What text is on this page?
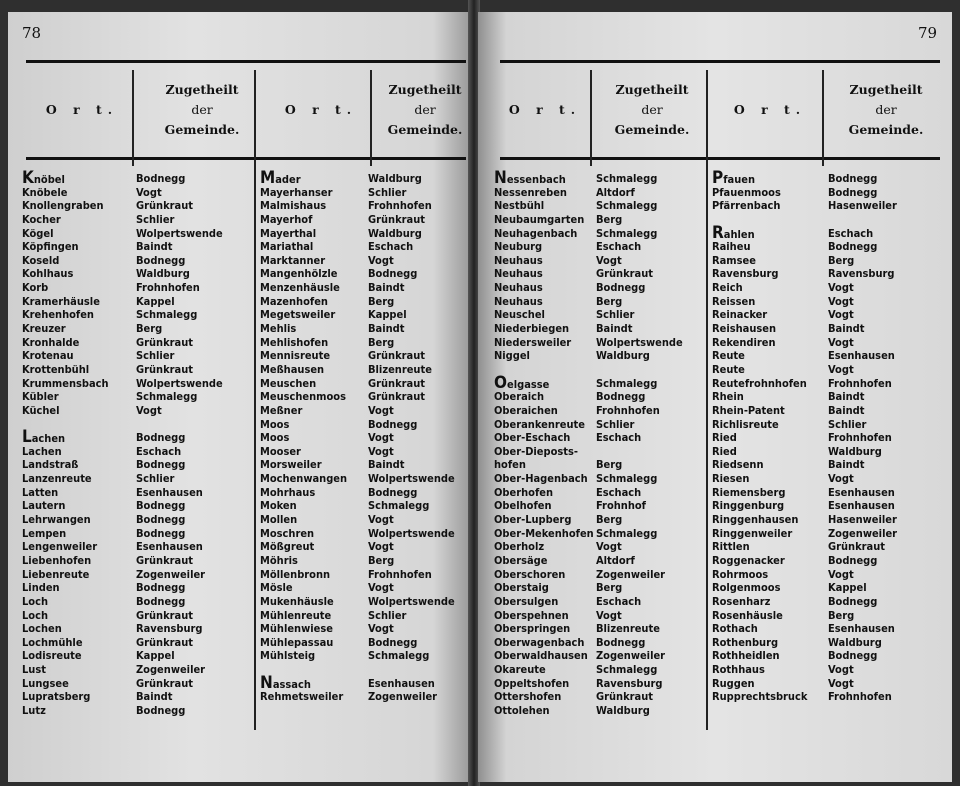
78
O r t.
Zugetheilt
der
Gemeinde.
O r t.
Zugetheilt
der
Gemeinde.
Knöbel
Knöbele
Knollengraben
Kocher
Kögel
Köpfingen
Koseld
Kohlhaus
Korb
Kramerhäusle
Krehenhofen
Kreuzer
Kronhalde
Krotenau
Krottenbühl
Krummensbach
Kübler
Küchel
Lachen
Lachen
Landstraß
Lanzenreute
Latten
Lautern
Lehrwangen
Lempen
Lengenweiler
Liebenhofen
Liebenreute
Linden
Loch
Loch
Lochen
Lochmühle
Lodisreute
Lust
Lungsee
Lupratsberg
Lutz
Bodnegg
Vogt
Grünkraut
Schlier
Wolpertswende
Baindt
Bodnegg
Waldburg
Frohnhofen
Kappel
Schmalegg
Berg
Grünkraut
Schlier
Grünkraut
Wolpertswende
Schmalegg
Vogt
Bodnegg
Eschach
Bodnegg
Schlier
Esenhausen
Bodnegg
Bodnegg
Bodnegg
Esenhausen
Grünkraut
Zogenweiler
Bodnegg
Bodnegg
Grünkraut
Ravensburg
Grünkraut
Kappel
Zogenweiler
Grünkraut
Baindt
Bodnegg
Mader
Mayerhanser
Malmishaus
Mayerhof
Mayerthal
Mariathal
Marktanner
Mangenhölzle
Menzenhäusle
Mazenhofen
Megetsweiler
Mehlis
Mehlishofen
Mennisreute
Meßhausen
Meuschen
Meuschenmoos
Meßner
Moos
Moos
Mooser
Morsweiler
Mochenwangen
Mohrhaus
Moken
Mollen
Moschren
Mößgreut
Möhris
Möllenbronn
Mösle
Mukenhäusle
Mühlenreute
Mühlenwiese
Mühlepassau
Mühlsteig
Nassach
Rehmetsweiler
Waldburg
Schlier
Frohnhofen
Grünkraut
Waldburg
Eschach
Vogt
Bodnegg
Baindt
Berg
Kappel
Baindt
Berg
Grünkraut
Blizenreute
Grünkraut
Grünkraut
Vogt
Bodnegg
Vogt
Vogt
Baindt
Wolpertswende
Bodnegg
Schmalegg
Vogt
Wolpertswende
Vogt
Berg
Frohnhofen
Vogt
Wolpertswende
Schlier
Vogt
Bodnegg
Schmalegg
Esenhausen
Zogenweiler
79
O r t.
Zugetheilt
der
Gemeinde.
O r t.
Zugetheilt
der
Gemeinde.
Nessenbach
Nessenreben
Nestbühl
Neubaumgarten
Neuhagenbach
Neuburg
Neuhaus
Neuhaus
Neuhaus
Neuhaus
Neuschel
Niederbiegen
Niedersweiler
Niggel
Oelgasse
Oberaich
Oberaichen
Oberankenreute
Ober-Eschach
Ober-Dieposts-
hofen
Ober-Hagenbach
Oberhofen
Obelhofen
Ober-Lupberg
Ober-Mekenhofen
Oberholz
Obersäge
Oberschoren
Oberstaig
Obersulgen
Oberspehnen
Oberspringen
Oberwagenbach
Oberwaldhausen
Okareute
Oppeltshofen
Ottershofen
Ottolehen
Schmalegg
Altdorf
Schmalegg
Berg
Schmalegg
Eschach
Vogt
Grünkraut
Bodnegg
Berg
Schlier
Baindt
Wolpertswende
Waldburg
Schmalegg
Bodnegg
Frohnhofen
Schlier
Eschach
Berg
Schmalegg
Eschach
Frohnhof
Berg
Schmalegg
Vogt
Altdorf
Zogenweiler
Berg
Eschach
Vogt
Blizenreute
Bodnegg
Zogenweiler
Schmalegg
Ravensburg
Grünkraut
Waldburg
Pfauen
Pfauenmoos
Pfärrenbach
Rahlen
Raiheu
Ramsee
Ravensburg
Reich
Reissen
Reinacker
Reishausen
Rekendiren
Reute
Reute
Reutefrohnhofen
Rhein
Rhein-Patent
Richlisreute
Ried
Ried
Riedsenn
Riesen
Riemensberg
Ringgenburg
Ringgenhausen
Ringgenweiler
Rittlen
Roggenacker
Rohrmoos
Rolgenmoos
Rosenharz
Rosenhäusle
Rothach
Rothenburg
Rothheidlen
Rothhaus
Ruggen
Rupprechtsbruck
Bodnegg
Bodnegg
Hasenweiler
Eschach
Bodnegg
Berg
Ravensburg
Vogt
Vogt
Vogt
Baindt
Vogt
Esenhausen
Vogt
Frohnhofen
Baindt
Baindt
Schlier
Frohnhofen
Waldburg
Baindt
Vogt
Esenhausen
Esenhausen
Hasenweiler
Zogenweiler
Grünkraut
Bodnegg
Vogt
Kappel
Bodnegg
Berg
Esenhausen
Waldburg
Bodnegg
Vogt
Vogt
Frohnhofen
